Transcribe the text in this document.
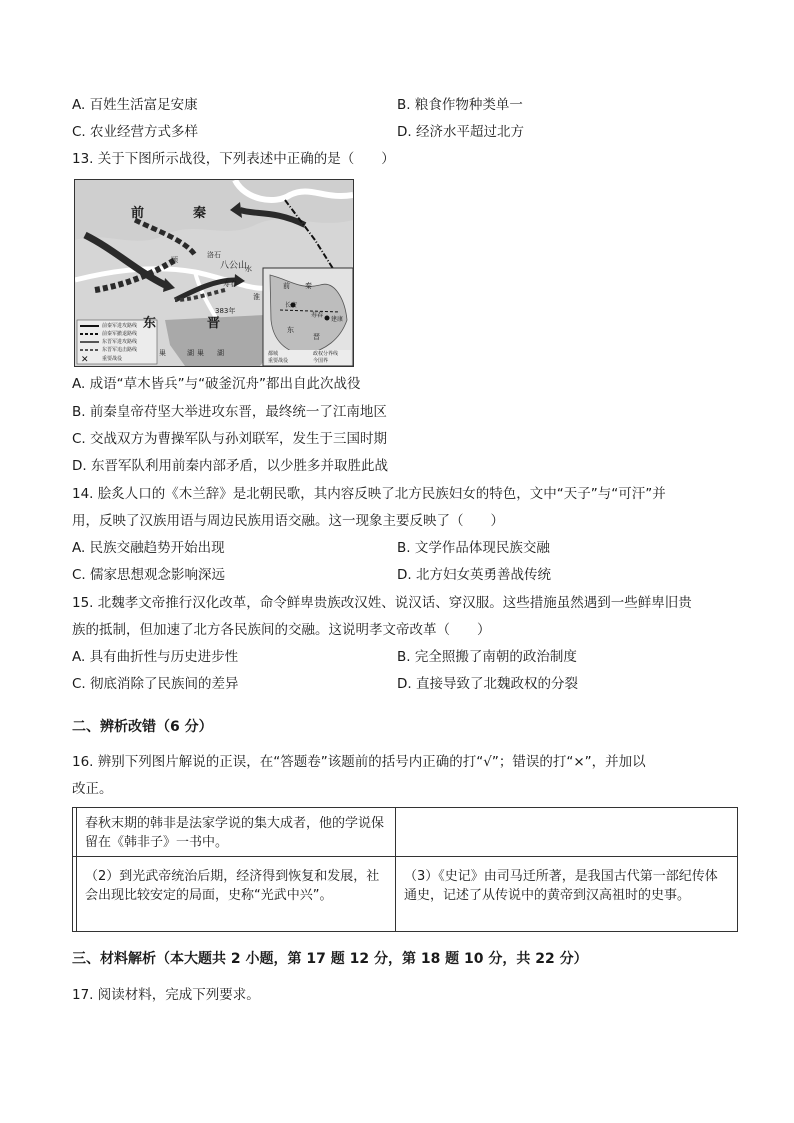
A. 百姓生活富足安康	B. 粮食作物种类单一
C. 农业经营方式多样	D. 经济水平超过北方
13. 关于下图所示战役，下列表述中正确的是（　　）
✕
前	秦
洛石
八公山
寿春
颍
水
383年
淮
东	晋
巢	湖 巢 湖
前 秦
长安
东
晋
寿春
建康
前秦军进攻路线
前秦军撤退路线
东晋军进攻路线
东晋军追击路线
重要战役
都城	政权分界线
重要战役	今国界
A. 成语“草木皆兵”与“破釜沉舟”都出自此次战役
B. 前秦皇帝苻坚大举进攻东晋，最终统一了江南地区
C. 交战双方为曹操军队与孙刘联军，发生于三国时期
D. 东晋军队利用前秦内部矛盾，以少胜多并取胜此战
14. 脍炙人口的《木兰辞》是北朝民歌，其内容反映了北方民族妇女的特色，文中“天子”与“可汗”并
用，反映了汉族用语与周边民族用语交融。这一现象主要反映了（　　）
A. 民族交融趋势开始出现	B. 文学作品体现民族交融
C. 儒家思想观念影响深远	D. 北方妇女英勇善战传统
15. 北魏孝文帝推行汉化改革，命令鲜卑贵族改汉姓、说汉话、穿汉服。这些措施虽然遇到一些鲜卑旧贵
族的抵制，但加速了北方各民族间的交融。这说明孝文帝改革（　　）
A. 具有曲折性与历史进步性	B. 完全照搬了南朝的政治制度
C. 彻底消除了民族间的差异	D. 直接导致了北魏政权的分裂
二、辨析改错（6 分）
16. 辨别下列图片解说的正误，在“答题卷”该题前的括号内正确的打“√”；错误的打“×”，并加以
改正。
	春秋末期的韩非是法家学说的集大成者，他的学说保留在《韩非子》一书中。	
	（2）到光武帝统治后期，经济得到恢复和发展，社会出现比较安定的局面，史称“光武中兴”。	（3）《史记》由司马迁所著，是我国古代第一部纪传体通史，记述了从传说中的黄帝到汉高祖时的史事。
三、材料解析（本大题共 2 小题，第 17 题 12 分，第 18 题 10 分，共 22 分）
17. 阅读材料，完成下列要求。
